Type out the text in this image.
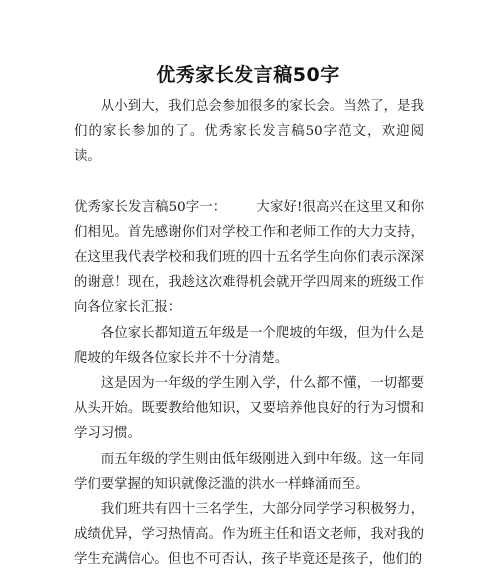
优秀家长发言稿50字

从小到大，我们总会参加很多的家长会。当然了，是我们的家长参加的了。优秀家长发言稿50字范文，欢迎阅读。

优秀家长发言稿50字一： 大家好!很高兴在这里又和你们相见。首先感谢你们对学校工作和老师工作的大力支持，在这里我代表学校和我们班的四十五名学生向你们表示深深的谢意！现在，我趁这次难得机会就开学四周来的班级工作向各位家长汇报：

各位家长都知道五年级是一个爬坡的年级，但为什么是爬坡的年级各位家长并不十分清楚。

这是因为一年级的学生刚入学，什么都不懂，一切都要从头开始。既要教给他知识，又要培养他良好的行为习惯和学习习惯。

而五年级的学生则由低年级刚进入到中年级。这一年同学们要掌握的知识就像泛滥的洪水一样蜂涌而至。

我们班共有四十三名学生，大部分同学学习积极努力，成绩优异，学习热情高。作为班主任和语文老师，我对我的学生充满信心。但也不可否认，孩子毕竟还是孩子，他们的
